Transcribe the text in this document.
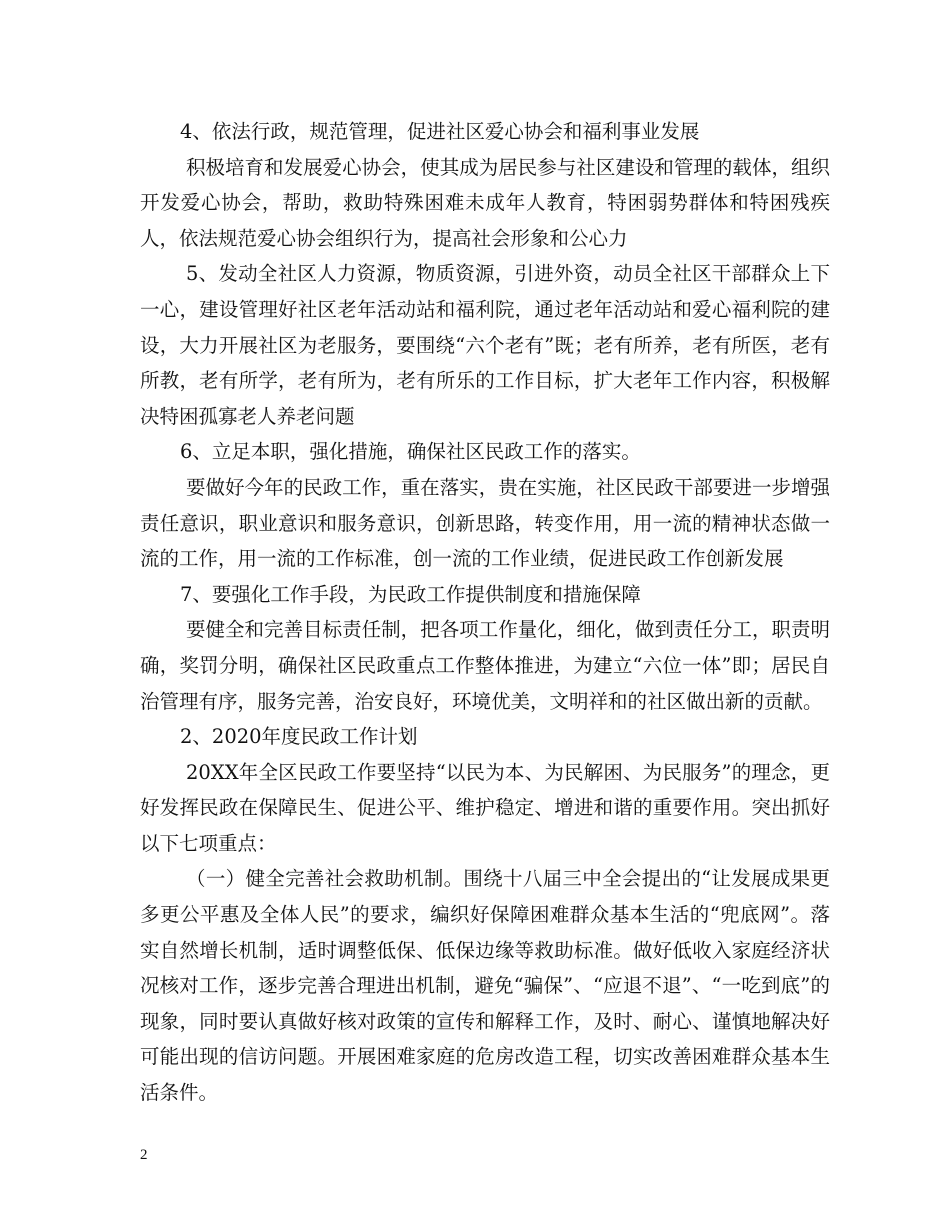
4、依法行政，规范管理，促进社区爱心协会和福利事业发展

积极培育和发展爱心协会，使其成为居民参与社区建设和管理的载体，组织开发爱心协会，帮助，救助特殊困难未成年人教育，特困弱势群体和特困残疾人，依法规范爱心协会组织行为，提高社会形象和公心力

5、发动全社区人力资源，物质资源，引进外资，动员全社区干部群众上下一心，建设管理好社区老年活动站和福利院，通过老年活动站和爱心福利院的建设，大力开展社区为老服务，要围绕“六个老有”既；老有所养，老有所医，老有所教，老有所学，老有所为，老有所乐的工作目标，扩大老年工作内容，积极解决特困孤寡老人养老问题

6、立足本职，强化措施，确保社区民政工作的落实。

要做好今年的民政工作，重在落实，贵在实施，社区民政干部要进一步增强责任意识，职业意识和服务意识，创新思路，转变作用，用一流的精神状态做一流的工作，用一流的工作标准，创一流的工作业绩，促进民政工作创新发展

7、要强化工作手段，为民政工作提供制度和措施保障

要健全和完善目标责任制，把各项工作量化，细化，做到责任分工，职责明确，奖罚分明，确保社区民政重点工作整体推进，为建立“六位一体”即；居民自治管理有序，服务完善，治安良好，环境优美，文明祥和的社区做出新的贡献。

2、2020年度民政工作计划

20XX年全区民政工作要坚持“以民为本、为民解困、为民服务”的理念，更好发挥民政在保障民生、促进公平、维护稳定、增进和谐的重要作用。突出抓好以下七项重点：

（一）健全完善社会救助机制。围绕十八届三中全会提出的“让发展成果更多更公平惠及全体人民”的要求，编织好保障困难群众基本生活的“兜底网”。落实自然增长机制，适时调整低保、低保边缘等救助标准。做好低收入家庭经济状况核对工作，逐步完善合理进出机制，避免“骗保”、“应退不退”、“一吃到底”的现象，同时要认真做好核对政策的宣传和解释工作，及时、耐心、谨慎地解决好可能出现的信访问题。开展困难家庭的危房改造工程，切实改善困难群众基本生活条件。

2
